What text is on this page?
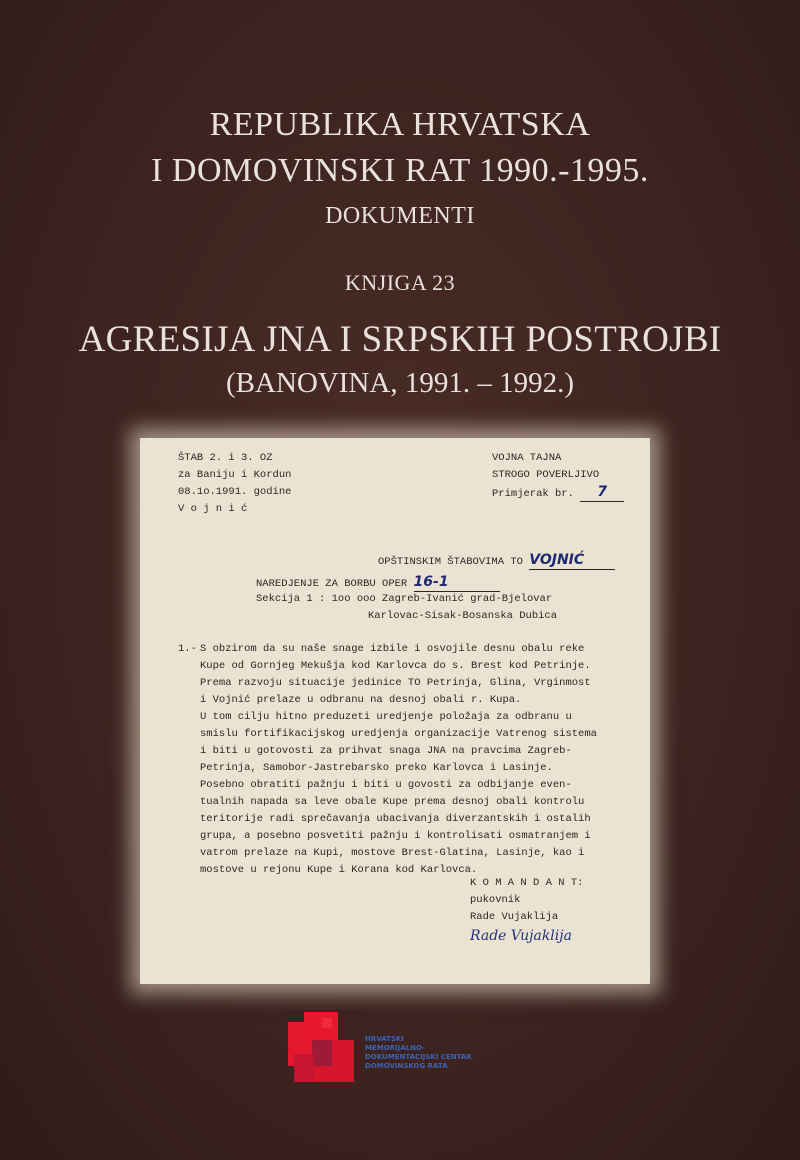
REPUBLIKA HRVATSKA
I DOMOVINSKI RAT 1990.-1995.
DOKUMENTI
KNJIGA 23
AGRESIJA JNA I SRPSKIH POSTROJBI
(BANOVINA, 1991. – 1992.)
ŠTAB 2. i 3. OZ
za Baniju i Kordun
08.1o.1991. godine
V o j n i ć
VOJNA TAJNA
STROGO POVERLJIVO
Primjerak br. 7
OPŠTINSKIM ŠTABOVIMA TO VOJNIĆ
NAREDJENJE ZA BORBU OPER 16-1
Sekcija 1 : 1oo ooo Zagreb-Ivanić grad-Bjelovar
Karlovac-Sisak-Bosanska Dubica
1.- S obzirom da su naše snage izbile i osvojile desnu obalu reke
Kupe od Gornjeg Mekušja kod Karlovca do s. Brest kod Petrinje.
Prema razvoju situacije jedinice TO Petrinja, Glina, Vrginmost
i Vojnić prelaze u odbranu na desnoj obali r. Kupa.
U tom cilju hitno preduzeti uredjenje položaja za odbranu u
smislu fortifikacijskog uredjenja organizacije Vatrenog sistema
i biti u gotovosti za prihvat snaga JNA na pravcima Zagreb-
Petrinja, Samobor-Jastrebarsko preko Karlovca i Lasinje.
Posebno obratiti pažnju i biti u govosti za odbijanje even-
tualnih napada sa leve obale Kupe prema desnoj obali kontrolu
teritorije radi sprečavanja ubacivanja diverzantskih i ostalih
grupa, a posebno posvetiti pažnju i kontrolisati osmatranjem i
vatrom prelaze na Kupi, mostove Brest-Glatina, Lasinje, kao i
mostove u rejonu Kupe i Korana kod Karlovca.
K O M A N D A N T:
pukovnik
Rade Vujaklija
Rade Vujaklija
HRVATSKI
MEMORIJALNO-
DOKUMENTACIJSKI CENTAR
DOMOVINSKOG RATA
